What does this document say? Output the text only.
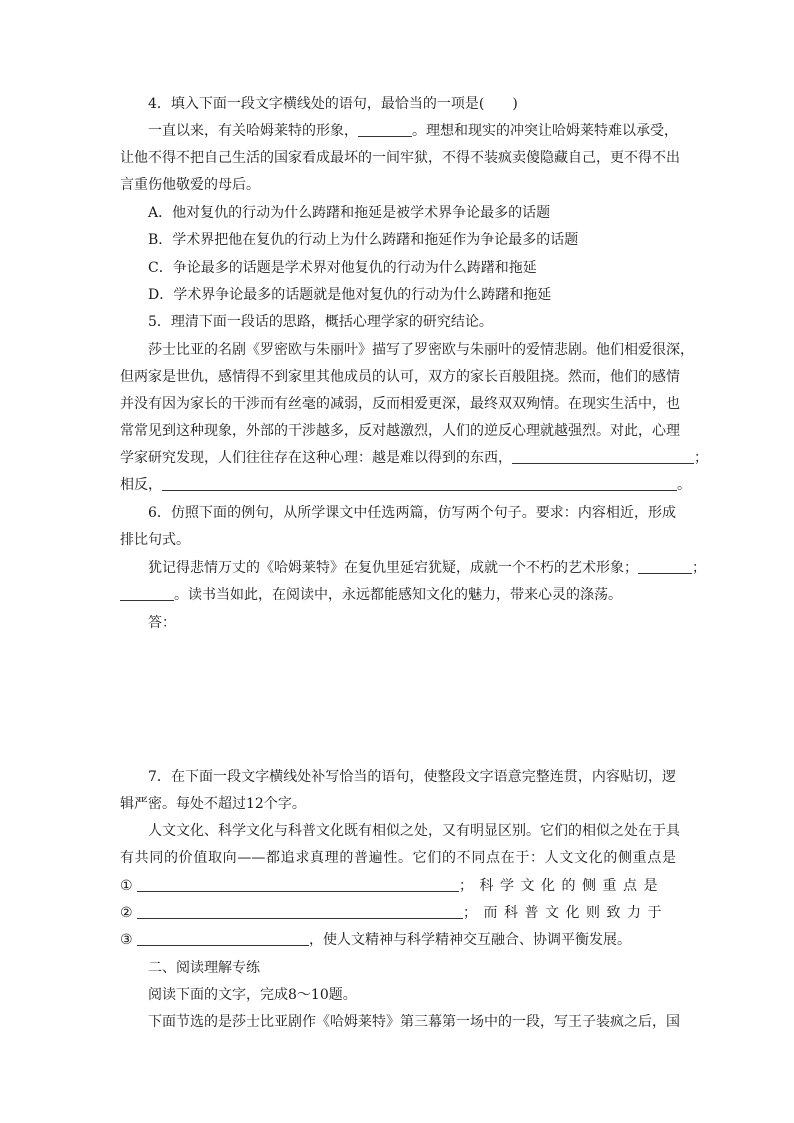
4．填入下面一段文字横线处的语句，最恰当的一项是(　　)
一直以来，有关哈姆莱特的形象，	。理想和现实的冲突让哈姆莱特难以承受，
让他不得不把自己生活的国家看成最坏的一间牢狱，不得不装疯卖傻隐藏自己，更不得不出
言重伤他敬爱的母后。
A．他对复仇的行动为什么踌躇和拖延是被学术界争论最多的话题
B．学术界把他在复仇的行动上为什么踌躇和拖延作为争论最多的话题
C．争论最多的话题是学术界对他复仇的行动为什么踌躇和拖延
D．学术界争论最多的话题就是他对复仇的行动为什么踌躇和拖延
5．理清下面一段话的思路，概括心理学家的研究结论。
莎士比亚的名剧《罗密欧与朱丽叶》描写了罗密欧与朱丽叶的爱情悲剧。他们相爱很深，
但两家是世仇，感情得不到家里其他成员的认可，双方的家长百般阻挠。然而，他们的感情
并没有因为家长的干涉而有丝毫的减弱，反而相爱更深，最终双双殉情。在现实生活中，也
常常见到这种现象，外部的干涉越多，反对越激烈，人们的逆反心理就越强烈。对此，心理
学家研究发现，人们往往存在这种心理：越是难以得到的东西，	；
相反，	。
6．仿照下面的例句，从所学课文中任选两篇，仿写两个句子。要求：内容相近，形成
排比句式。
犹记得悲情万丈的《哈姆莱特》在复仇里延宕犹疑，成就一个不朽的艺术形象；	；
。读书当如此，在阅读中，永远都能感知文化的魅力，带来心灵的涤荡。
答：
7．在下面一段文字横线处补写恰当的语句，使整段文字语意完整连贯，内容贴切，逻
辑严密。每处不超过12个字。
人文文化、科学文化与科普文化既有相似之处，又有明显区别。它们的相似之处在于具
有共同的价值取向——都追求真理的普遍性。它们的不同点在于：人文文化的侧重点是
①	；科学文化的侧重点是
②	；而科普文化则致力于
③	，使人文精神与科学精神交互融合、协调平衡发展。
二、阅读理解专练
阅读下面的文字，完成8～10题。
下面节选的是莎士比亚剧作《哈姆莱特》第三幕第一场中的一段，写王子装疯之后，国
